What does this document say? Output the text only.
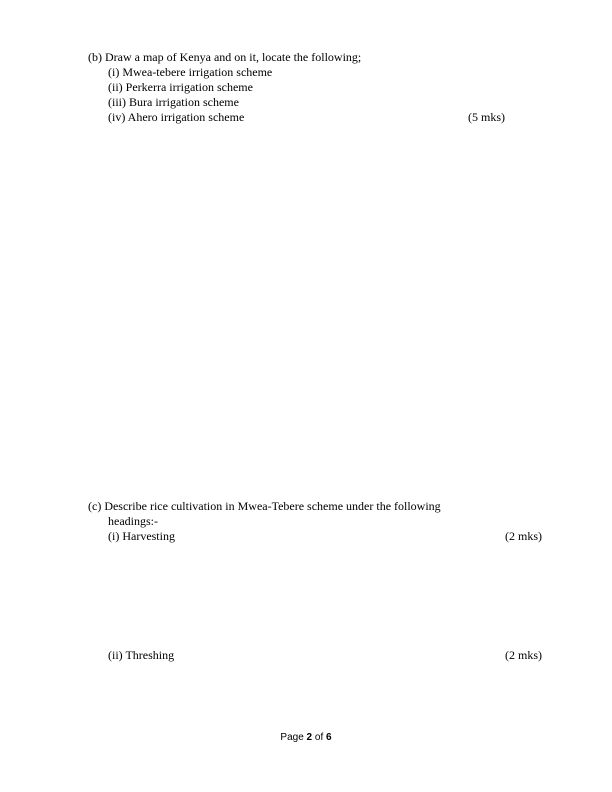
(b) Draw a map of Kenya and on it, locate the following;
(i) Mwea-tebere irrigation scheme
(ii) Perkerra irrigation scheme
(iii) Bura irrigation scheme
(iv) Ahero irrigation scheme	(5 mks)
(c) Describe rice cultivation in Mwea-Tebere scheme under the following
headings:-
(i) Harvesting	(2 mks)
(ii) Threshing	(2 mks)
Page 2 of 6
